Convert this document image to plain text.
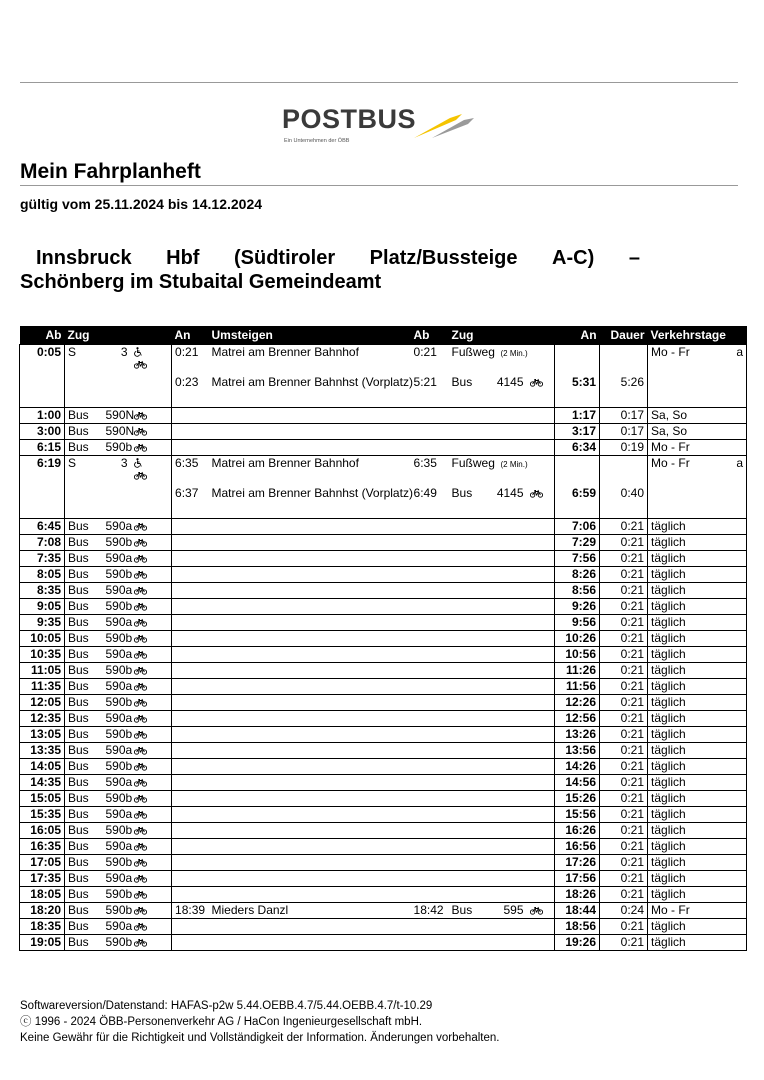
POSTBUS
Ein Unternehmen der ÖBB
Mein Fahrplanheft
gültig vom 25.11.2024 bis 14.12.2024
Innsbruck Hbf (Südtiroler Platz/Bussteige A-C) –
Schönberg im Stubaital Gemeindeamt
Ab	Zug			An	Umsteigen	Ab	Zug			An	Dauer	Verkehrstage
0:05	S	3		0:21	Matrei am Brenner Bahnhof	0:21	Fußweg	(2 Min.)				Mo - Fr a

				0:23	Matrei am Brenner Bahnhst (Vorplatz)	5:21	Bus	4145		5:31	5:26	
1:00	Bus	590N								1:17	0:17	Sa, So
3:00	Bus	590N								3:17	0:17	Sa, So
6:15	Bus	590b								6:34	0:19	Mo - Fr
6:19	S	3		6:35	Matrei am Brenner Bahnhof	6:35	Fußweg	(2 Min.)				Mo - Fr a

				6:37	Matrei am Brenner Bahnhst (Vorplatz)	6:49	Bus	4145		6:59	0:40	
6:45	Bus	590a								7:06	0:21	täglich
7:08	Bus	590b								7:29	0:21	täglich
7:35	Bus	590a								7:56	0:21	täglich
8:05	Bus	590b								8:26	0:21	täglich
8:35	Bus	590a								8:56	0:21	täglich
9:05	Bus	590b								9:26	0:21	täglich
9:35	Bus	590a								9:56	0:21	täglich
10:05	Bus	590b								10:26	0:21	täglich
10:35	Bus	590a								10:56	0:21	täglich
11:05	Bus	590b								11:26	0:21	täglich
11:35	Bus	590a								11:56	0:21	täglich
12:05	Bus	590b								12:26	0:21	täglich
12:35	Bus	590a								12:56	0:21	täglich
13:05	Bus	590b								13:26	0:21	täglich
13:35	Bus	590a								13:56	0:21	täglich
14:05	Bus	590b								14:26	0:21	täglich
14:35	Bus	590a								14:56	0:21	täglich
15:05	Bus	590b								15:26	0:21	täglich
15:35	Bus	590a								15:56	0:21	täglich
16:05	Bus	590b								16:26	0:21	täglich
16:35	Bus	590a								16:56	0:21	täglich
17:05	Bus	590b								17:26	0:21	täglich
17:35	Bus	590a								17:56	0:21	täglich
18:05	Bus	590b								18:26	0:21	täglich
18:20	Bus	590b		18:39	Mieders Danzl	18:42	Bus	595		18:44	0:24	Mo - Fr
18:35	Bus	590a								18:56	0:21	täglich
19:05	Bus	590b								19:26	0:21	täglich
Softwareversion/Datenstand: HAFAS-p2w 5.44.OEBB.4.7/5.44.OEBB.4.7/t-10.29
ⓒ 1996 - 2024 ÖBB-Personenverkehr AG / HaCon Ingenieurgesellschaft mbH.
Keine Gewähr für die Richtigkeit und Vollständigkeit der Information. Änderungen vorbehalten.
